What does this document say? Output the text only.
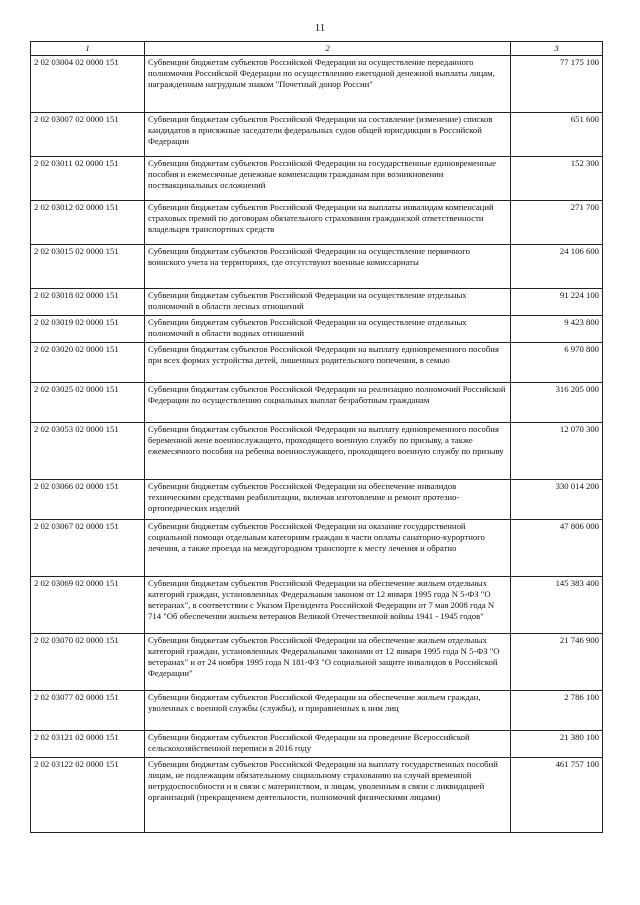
11
1	2	3
2 02 03004 02 0000 151	Субвенции бюджетам субъектов Российской Федерации на осуществление переданного полномочия Российской Федерации по осуществлению ежегодной денежной выплаты лицам, награжденным нагрудным знаком "Почетный донор России"	77 175 100
2 02 03007 02 0000 151	Субвенции бюджетам субъектов Российской Федерации на составление (изменение) списков кандидатов в присяжные заседатели федеральных судов общей юрисдикции в Российской Федерации	651 600
2 02 03011 02 0000 151	Субвенции бюджетам субъектов Российской Федерации на государственные единовременные пособия и ежемесячные денежные компенсации гражданам при возникновении поствакцинальных осложнений	152 300
2 02 03012 02 0000 151	Субвенции бюджетам субъектов Российской Федерации на выплаты инвалидам компенсаций страховых премий по договорам обязательного страхования гражданской ответственности владельцев транспортных средств	271 700
2 02 03015 02 0000 151	Субвенции бюджетам субъектов Российской Федерации на осуществление первичного воинского учета на территориях, где отсутствуют военные комиссариаты	24 106 600
2 02 03018 02 0000 151	Субвенции бюджетам субъектов Российской Федерации на осуществление отдельных полномочий в области лесных отношений	91 224 100
2 02 03019 02 0000 151	Субвенции бюджетам субъектов Российской Федерации на осуществление отдельных полномочий в области водных отношений	9 423 800
2 02 03020 02 0000 151	Субвенции бюджетам субъектов Российской Федерации на выплату единовременного пособия при всех формах устройства детей, лишенных родительского попечения, в семью	6 970 800
2 02 03025 02 0000 151	Субвенции бюджетам субъектов Российской Федерации на реализацию полномочий Российской Федерации по осуществлению социальных выплат безработным гражданам	316 205 000
2 02 03053 02 0000 151	Субвенции бюджетам субъектов Российской Федерации на выплату единовременного пособия беременной жене военнослужащего, проходящего военную службу по призыву, а также ежемесячного пособия на ребенка военнослужащего, проходящего военную службу по призыву	12 070 300
2 02 03066 02 0000 151	Субвенции бюджетам субъектов Российской Федерации на обеспечение инвалидов техническими средствами реабилитации, включая изготовление и ремонт протезно-ортопедических изделий	330 014 200
2 02 03067 02 0000 151	Субвенции бюджетам субъектов Российской Федерации на оказание государственной социальной помощи отдельным категориям граждан в части оплаты санаторно-курортного лечения, а также проезда на междугородном транспорте к месту лечения и обратно	47 806 000
2 02 03069 02 0000 151	Субвенции бюджетам субъектов Российской Федерации на обеспечение жильем отдельных категорий граждан, установленных Федеральным законом от 12 января 1995 года N 5-ФЗ "О ветеранах", в соответствии с Указом Президента Российской Федерации от 7 мая 2008 года N 714 "Об обеспечении жильем ветеранов Великой Отечественной войны 1941 - 1945 годов"	145 383 400
2 02 03070 02 0000 151	Субвенции бюджетам субъектов Российской Федерации на обеспечение жильем отдельных категорий граждан, установленных Федеральными законами от 12 января 1995 года N 5-ФЗ "О ветеранах" и от 24 ноября 1995 года N 181-ФЗ "О социальной защите инвалидов в Российской Федерации"	21 746 900
2 02 03077 02 0000 151	Субвенции бюджетам субъектов Российской Федерации на обеспечение жильем граждан, уволенных с военной службы (службы), и приравненных к ним лиц	2 786 100
2 02 03121 02 0000 151	Субвенции бюджетам субъектов Российской Федерации на проведение Всероссийской сельскохозяйственной переписи в 2016 году	21 380 100
2 02 03122 02 0000 151	Субвенции бюджетам субъектов Российской Федерации на выплату государственных пособий лицам, не подлежащим обязательному социальному страхованию на случай временной нетрудоспособности и в связи с материнством, и лицам, уволенным в связи с ликвидацией организаций (прекращением деятельности, полномочий физическими лицами)	461 757 100
